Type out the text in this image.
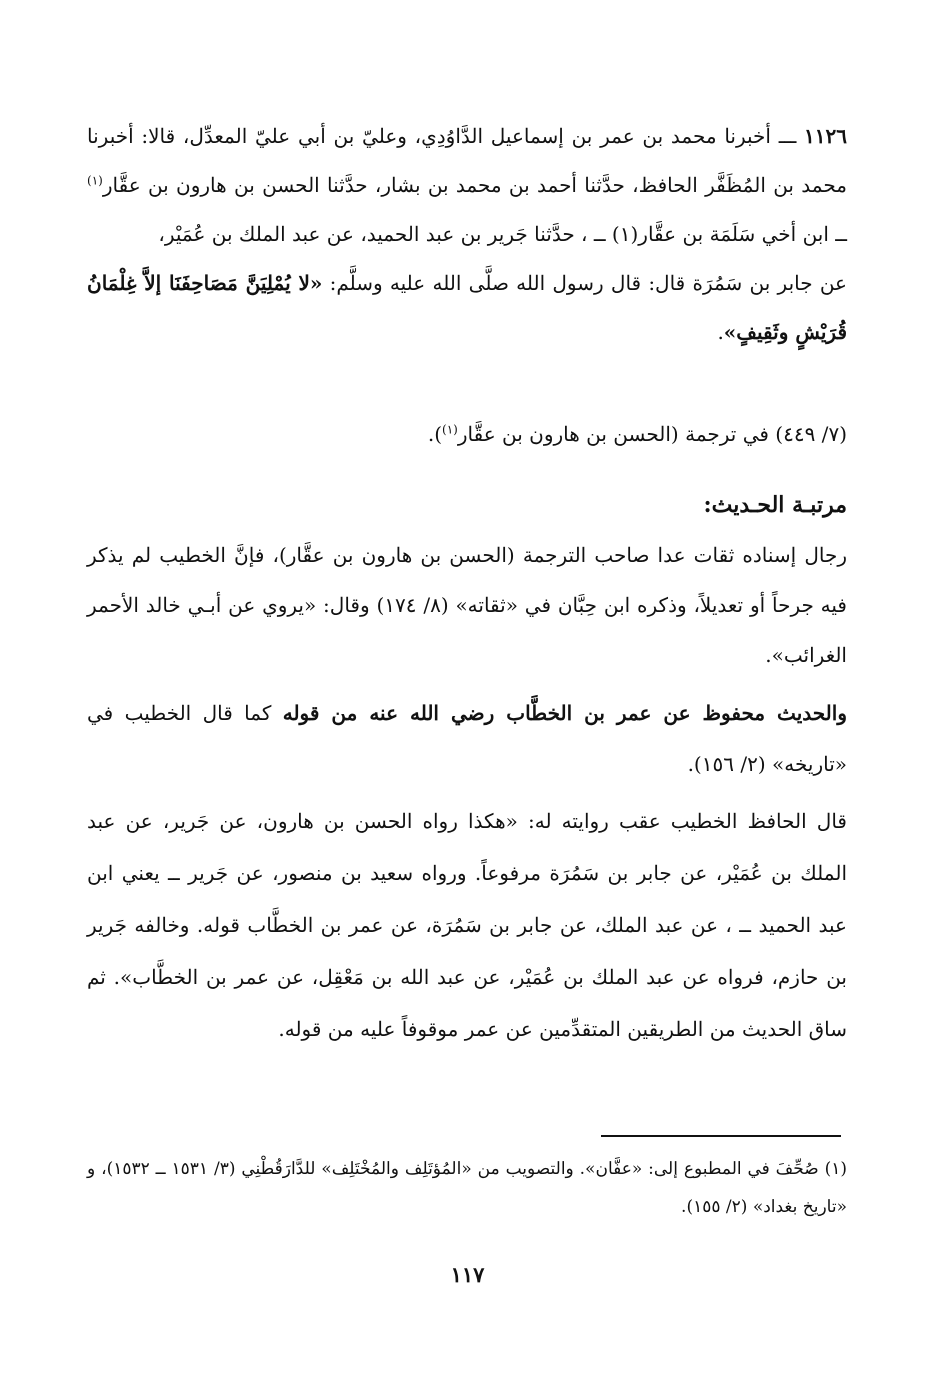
١١٢٦ ـــ أخبرنا محمد بن عمر بن إسماعيل الدَّاوُدِي، وعليّ بن أبي عليّ المعدِّل، قالا: أخبرنا محمد بن المُظَفَّر الحافظ، حدَّثنا أحمد بن محمد بن بشار، حدَّثنا الحسن بن هارون بن عقَّار$^{(١)}$ ــ ابن أخي سَلَمَة بن عقَّار(١) ــ ، حدَّثنا جَرير بن عبد الحميد، عن عبد الملك بن عُمَيْر،
عن جابر بن سَمُرَة قال: قال رسول الله صلَّى الله عليه وسلَّم: «لا يُمْلِيَنَّ مَصَاحِفَنَا إلاَّ غِلْمَانُ قُرَيْشٍ وثَقِيفٍ».

(٧/ ٤٤٩) في ترجمة (الحسن بن هارون بن عقَّار$^{(١)}$).

مرتبـة الحـديث:

رجال إسناده ثقات عدا صاحب الترجمة (الحسن بن هارون بن عقَّار)، فإنَّ الخطيب لم يذكر فيه جرحاً أو تعديلاً، وذكره ابن حِبَّان في «ثقاته» (٨/ ١٧٤) وقال: «يروي عن أبـي خالد الأحمر الغرائب».

والحديث محفوظ عن عمر بن الخطَّاب رضي الله عنه من قوله كما قال الخطيب في «تاريخه» (٢/ ١٥٦).

قال الحافظ الخطيب عقب روايته له: «هكذا رواه الحسن بن هارون، عن جَرير، عن عبد الملك بن عُمَيْر، عن جابر بن سَمُرَة مرفوعاً. ورواه سعيد بن منصور، عن جَرير ــ يعني ابن عبد الحميد ــ ، عن عبد الملك، عن جابر بن سَمُرَة، عن عمر بن الخطَّاب قوله. وخالفه جَرير بن حازم، فرواه عن عبد الملك بن عُمَيْر، عن عبد الله بن مَعْقِل، عن عمر بن الخطَّاب». ثم ساق الحديث من الطريقين المتقدِّمين عن عمر موقوفاً عليه من قوله.

(١) صُحِّفَ في المطبوع إلى: «عفَّان». والتصويب من «المُؤتَلِف والمُخْتَلِف» للدَّارَقُطْنِي (٣/ ١٥٣١ ــ ١٥٣٢)، و «تاريخ بغداد» (٢/ ١٥٥).

١١٧
